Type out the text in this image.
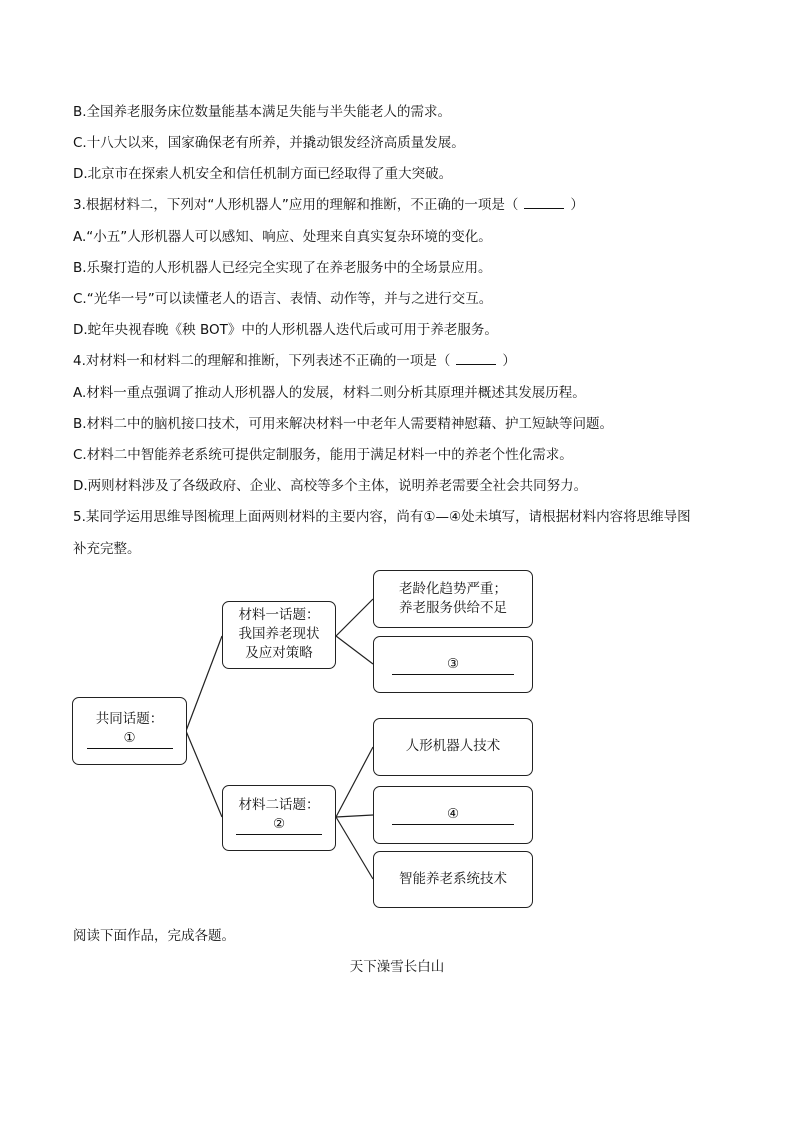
B.全国养老服务床位数量能基本满足失能与半失能老人的需求。
C.十八大以来，国家确保老有所养，并撬动银发经济高质量发展。
D.北京市在探索人机安全和信任机制方面已经取得了重大突破。
3.根据材料二，下列对“人形机器人”应用的理解和推断，不正确的一项是（	）
A.“小五”人形机器人可以感知、响应、处理来自真实复杂环境的变化。
B.乐聚打造的人形机器人已经完全实现了在养老服务中的全场景应用。
C.“光华一号”可以读懂老人的语言、表情、动作等，并与之进行交互。
D.蛇年央视春晚《秧 BOT》中的人形机器人迭代后或可用于养老服务。
4.对材料一和材料二的理解和推断，下列表述不正确的一项是（	）
A.材料一重点强调了推动人形机器人的发展，材料二则分析其原理并概述其发展历程。
B.材料二中的脑机接口技术，可用来解决材料一中老年人需要精神慰藉、护工短缺等问题。
C.材料二中智能养老系统可提供定制服务，能用于满足材料一中的养老个性化需求。
D.两则材料涉及了各级政府、企业、高校等多个主体，说明养老需要全社会共同努力。
5.某同学运用思维导图梳理上面两则材料的主要内容，尚有①—④处未填写，请根据材料内容将思维导图
补充完整。
共同话题：
①
材料一话题：
我国养老现状
及应对策略
老龄化趋势严重；
养老服务供给不足
③
材料二话题：
②
人形机器人技术
④
智能养老系统技术
阅读下面作品，完成各题。
天下澡雪长白山
